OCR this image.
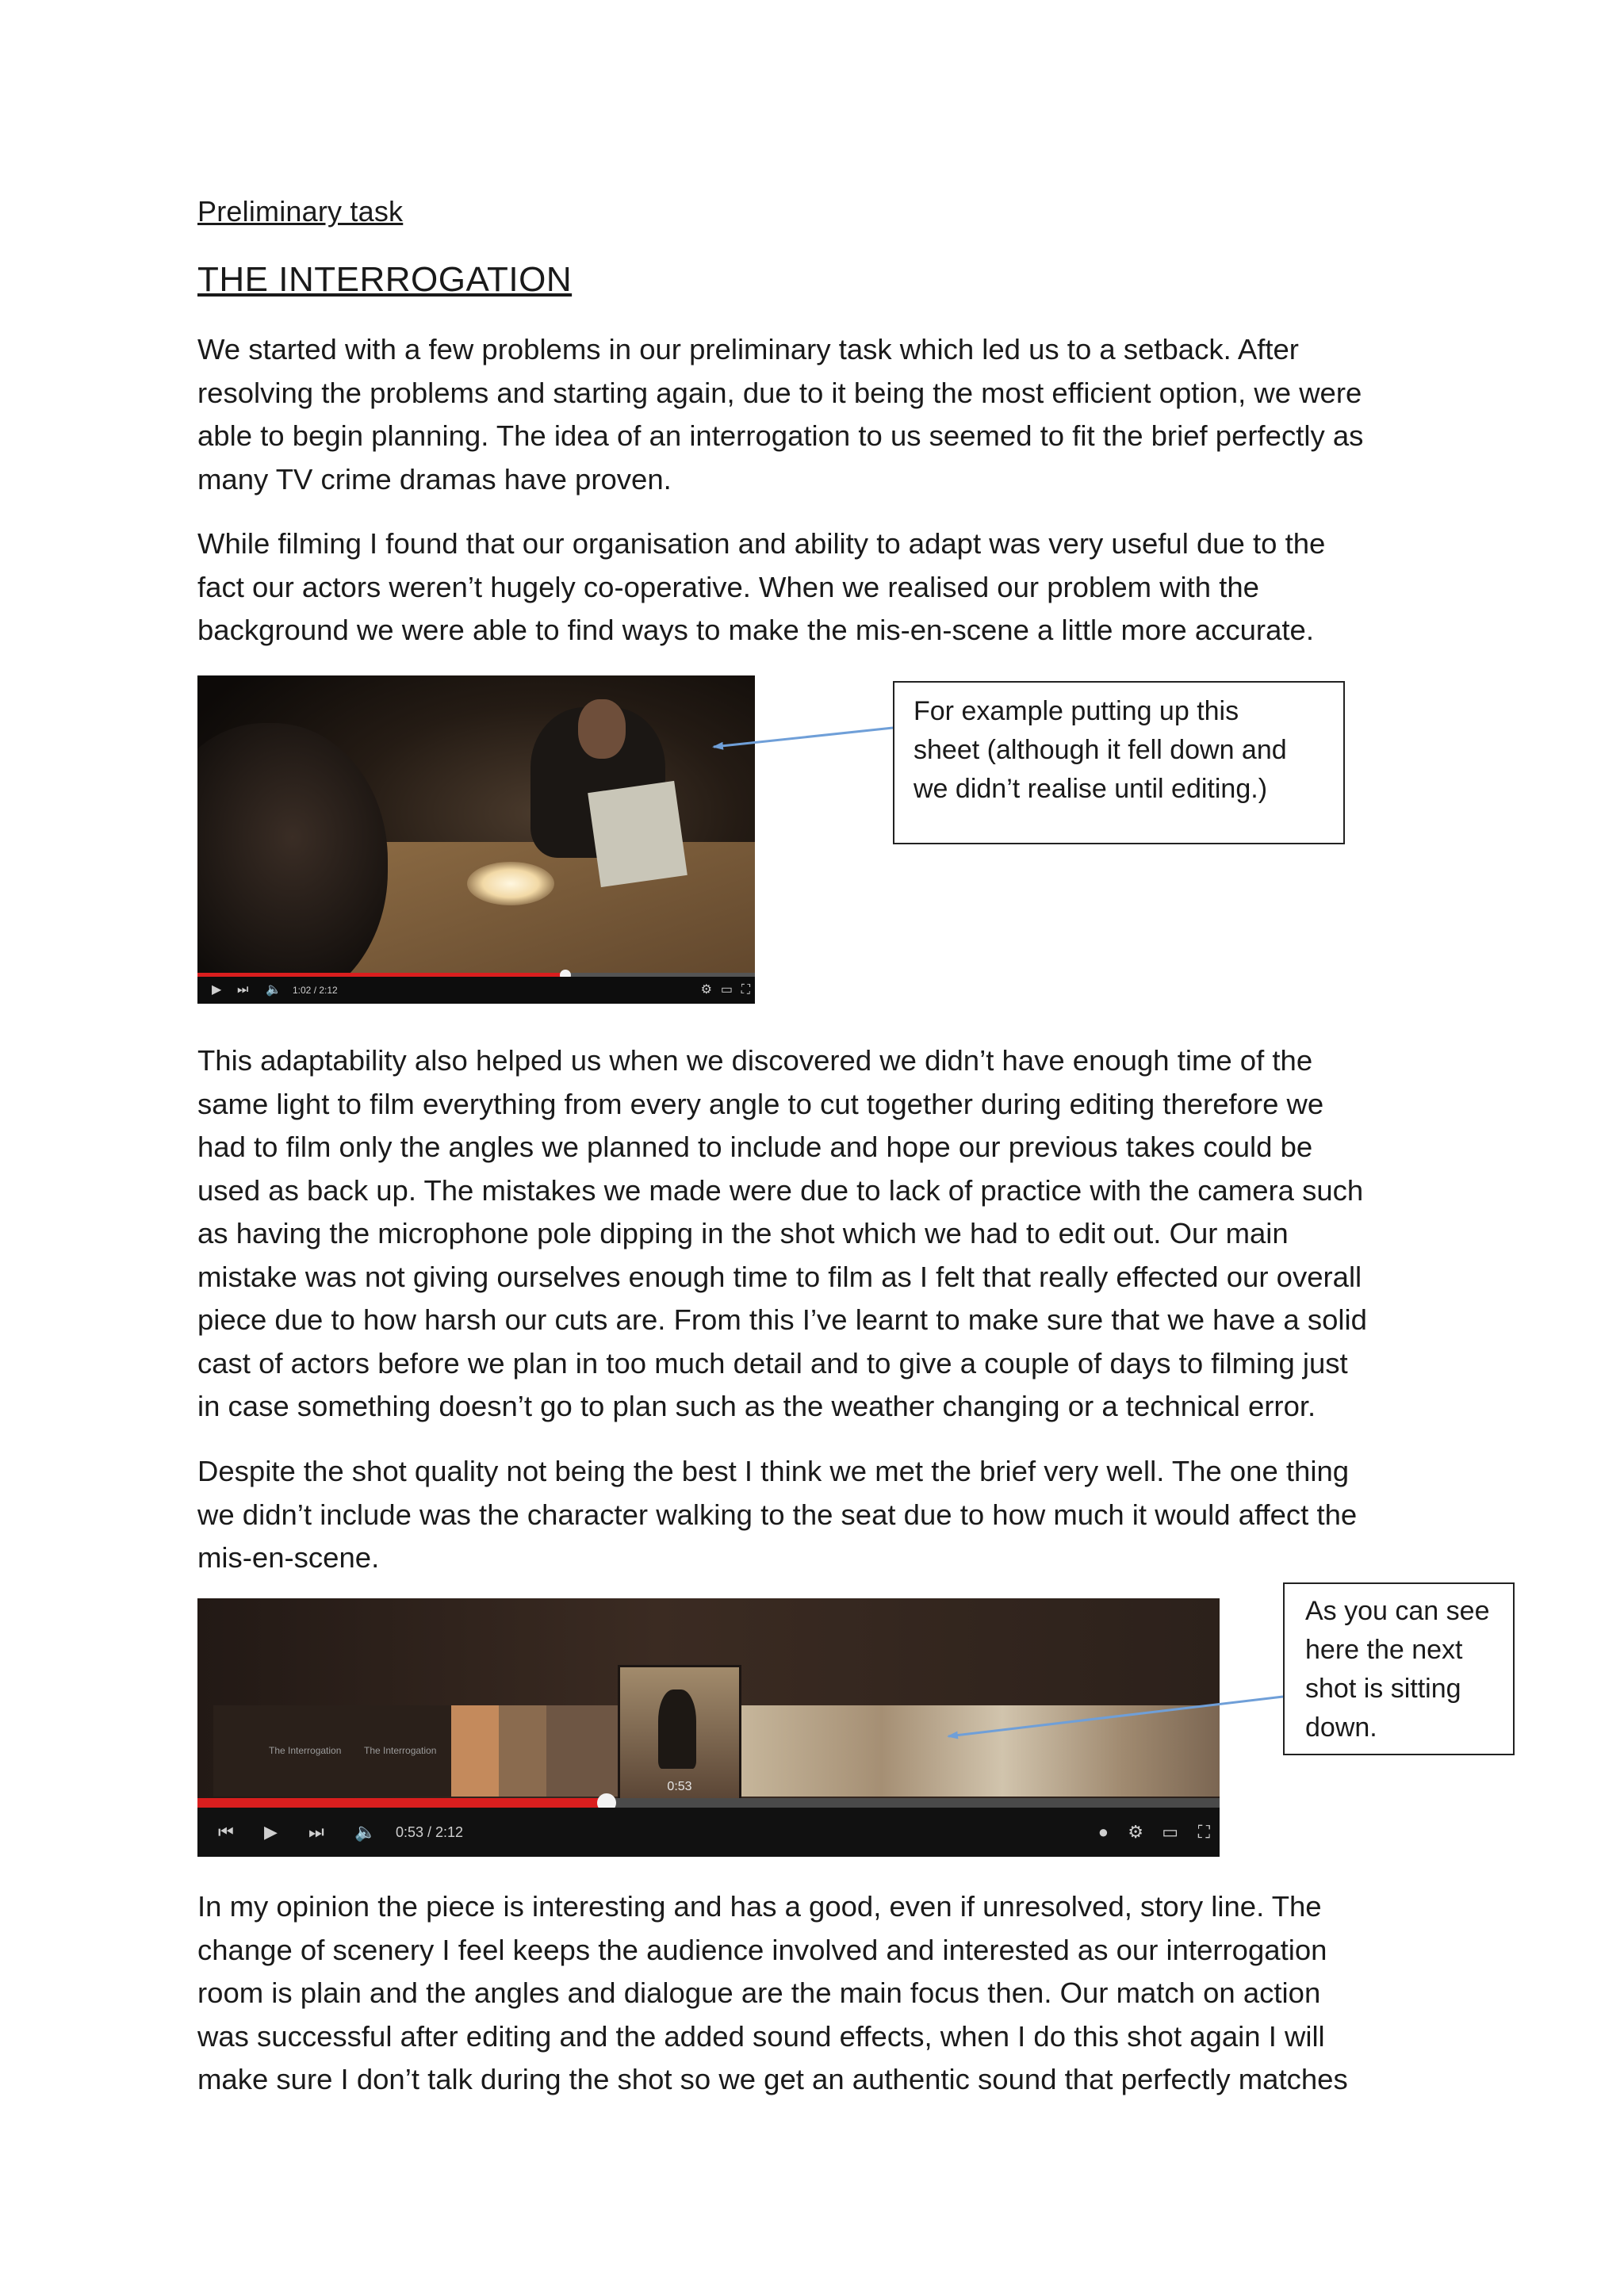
Preliminary task

THE INTERROGATION

We started with a few problems in our preliminary task which led us to a setback. After

resolving the problems and starting again, due to it being the most efficient option, we were

able to begin planning. The idea of an interrogation to us seemed to fit the brief perfectly as

many TV crime dramas have proven.

While filming I found that our organisation and ability to adapt was very useful due to the

fact our actors weren’t hugely co-operative. When we realised our problem with the

background we were able to find ways to make the mis-en-scene a little more accurate.

▶ ⏭ 🔈 1:02 / 2:12	⚙ ▭ ⛶

For example putting up this

sheet (although it fell down and

we didn’t realise until editing.)

This adaptability also helped us when we discovered we didn’t have enough time of the

same light to film everything from every angle to cut together during editing therefore we

had to film only the angles we planned to include and hope our previous takes could be

used as back up. The mistakes we made were due to lack of practice with the camera such

as having the microphone pole dipping in the shot which we had to edit out. Our main

mistake was not giving ourselves enough time to film as I felt that really effected our overall

piece due to how harsh our cuts are. From this I’ve learnt to make sure that we have a solid

cast of actors before we plan in too much detail and to give a couple of days to filming just

in case something doesn’t go to plan such as the weather changing or a technical error.

Despite the shot quality not being the best I think we met the brief very well. The one thing

we didn’t include was the character walking to the seat due to how much it would affect the

mis-en-scene.

The Interrogation The Interrogation
0:53
⏮ ▶ ⏭ 🔈 0:53 / 2:12	● ⚙ ▭ ⛶

As you can see

here the next

shot is sitting

down.

In my opinion the piece is interesting and has a good, even if unresolved, story line. The

change of scenery I feel keeps the audience involved and interested as our interrogation

room is plain and the angles and dialogue are the main focus then. Our match on action

was successful after editing and the added sound effects, when I do this shot again I will

make sure I don’t talk during the shot so we get an authentic sound that perfectly matches
